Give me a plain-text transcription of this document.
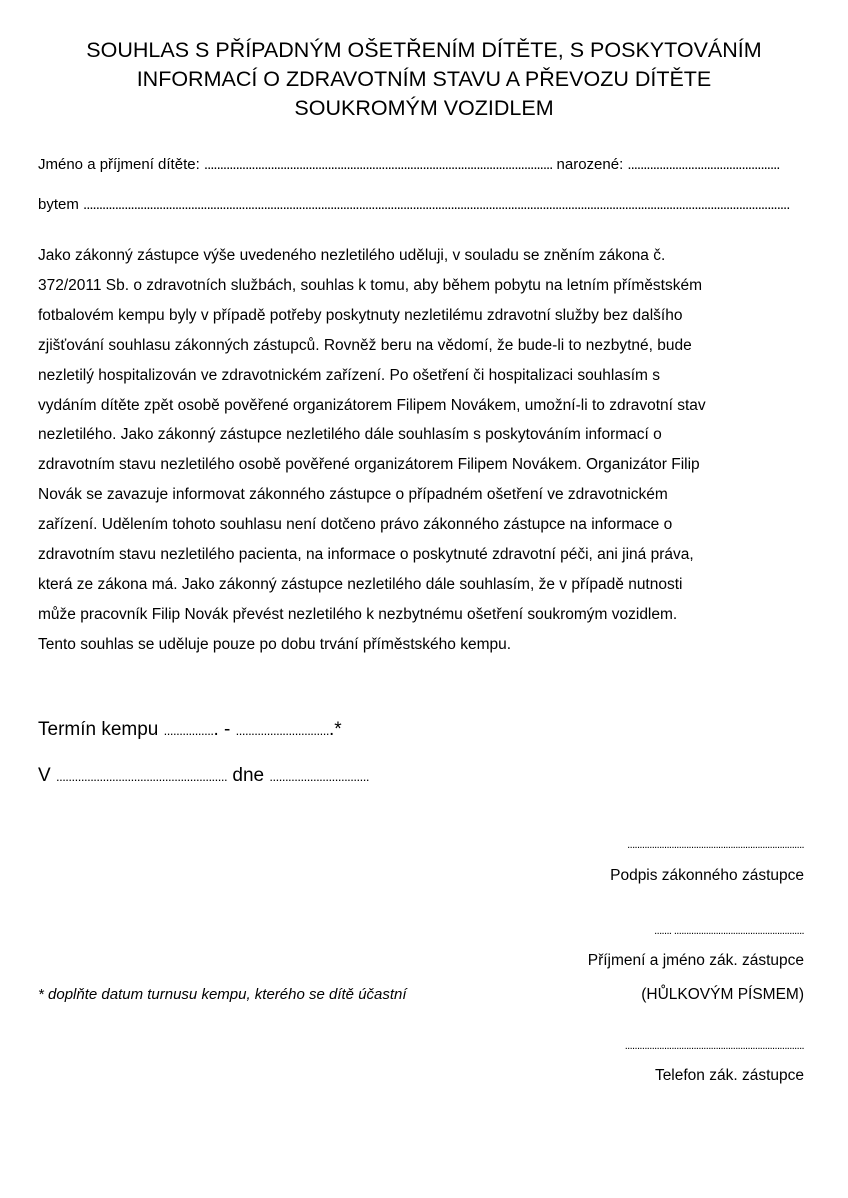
SOUHLAS S PŘÍPADNÝM OŠETŘENÍM DÍTĚTE, S POSKYTOVÁNÍM
INFORMACÍ O ZDRAVOTNÍM STAVU A PŘEVOZU DÍTĚTE
SOUKROMÝM VOZIDLEM
Jméno a příjmení dítěte: .............................................................................................................. narozené: ................................................
bytem ...............................................................................................................................................................................................................................
Jako zákonný zástupce výše uvedeného nezletilého uděluji, v souladu se zněním zákona č.
372/2011 Sb. o zdravotních službách, souhlas k tomu, aby během pobytu na letním příměstském
fotbalovém kempu byly v případě potřeby poskytnuty nezletilému zdravotní služby bez dalšího
zjišťování souhlasu zákonných zástupců. Rovněž beru na vědomí, že bude-li to nezbytné, bude
nezletilý hospitalizován ve zdravotnickém zařízení. Po ošetření či hospitalizaci souhlasím s
vydáním dítěte zpět osobě pověřené organizátorem Filipem Novákem, umožní-li to zdravotní stav
nezletilého. Jako zákonný zástupce nezletilého dále souhlasím s poskytováním informací o
zdravotním stavu nezletilého osobě pověřené organizátorem Filipem Novákem. Organizátor Filip
Novák se zavazuje informovat zákonného zástupce o případném ošetření ve zdravotnickém
zařízení. Udělením tohoto souhlasu není dotčeno právo zákonného zástupce na informace o
zdravotním stavu nezletilého pacienta, na informace o poskytnuté zdravotní péči, ani jiná práva,
která ze zákona má. Jako zákonný zástupce nezletilého dále souhlasím, že v případě nutnosti
může pracovník Filip Novák převést nezletilého k nezbytnému ošetření soukromým vozidlem.
Tento souhlas se uděluje pouze po dobu trvání příměstského kempu.
Termín kempu ................. - ...............................*
V ....................................................... dne ................................
........................................................................
Podpis zákonného zástupce
....... .....................................................
Příjmení a jméno zák. zástupce
(HŮLKOVÝM PÍSMEM)
* doplňte datum turnusu kempu, kterého se dítě účastní
.........................................................................
Telefon zák. zástupce
